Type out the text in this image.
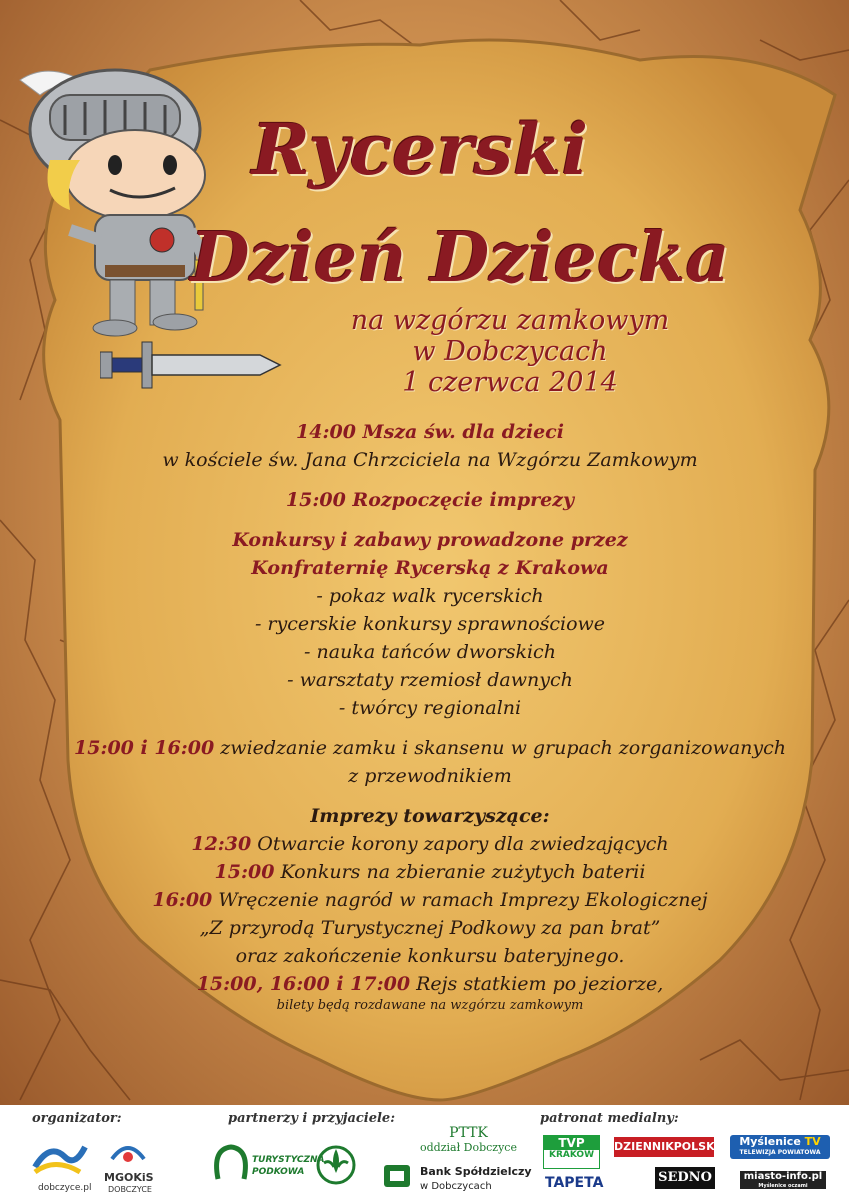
Rycerski
Dzień Dziecka
na wzgórzu zamkowym
w Dobczycach
1 czerwca 2014
14:00 Msza św. dla dzieci
w kościele św. Jana Chrzciciela na Wzgórzu Zamkowym
15:00 Rozpoczęcie imprezy
Konkursy i zabawy prowadzone przez
Konfraternię Rycerską z Krakowa
- pokaz walk rycerskich
- rycerskie konkursy sprawnościowe
- nauka tańców dworskich
- warsztaty rzemiosł dawnych
- twórcy regionalni
15:00 i 16:00 zwiedzanie zamku i skansenu w grupach zorganizowanych
z przewodnikiem
Imprezy towarzyszące:
12:30 Otwarcie korony zapory dla zwiedzających
15:00 Konkurs na zbieranie zużytych baterii
16:00 Wręczenie nagród w ramach Imprezy Ekologicznej
„Z przyrodą Turystycznej Podkowy za pan brat”
oraz zakończenie konkursu bateryjnego.
15:00, 16:00 i 17:00 Rejs statkiem po jeziorze,
bilety będą rozdawane na wzgórzu zamkowym
organizator:	partnerzy i przyjaciele:	patronat medialny:
dobczyce.pl
MGOKiS
DOBCZYCE
TURYSTYCZNA
PODKOWA
PTTK
oddział Dobczyce
Bank Spółdzielczy
w Dobczycach
TVP
KRAKÓW
TAPETA
DZIENNIKPOLSKI
SEDNO
Myślenice TV
TELEWIZJA POWIATOWA
miasto-info.pl
Myślenice oczami mieszkańców
